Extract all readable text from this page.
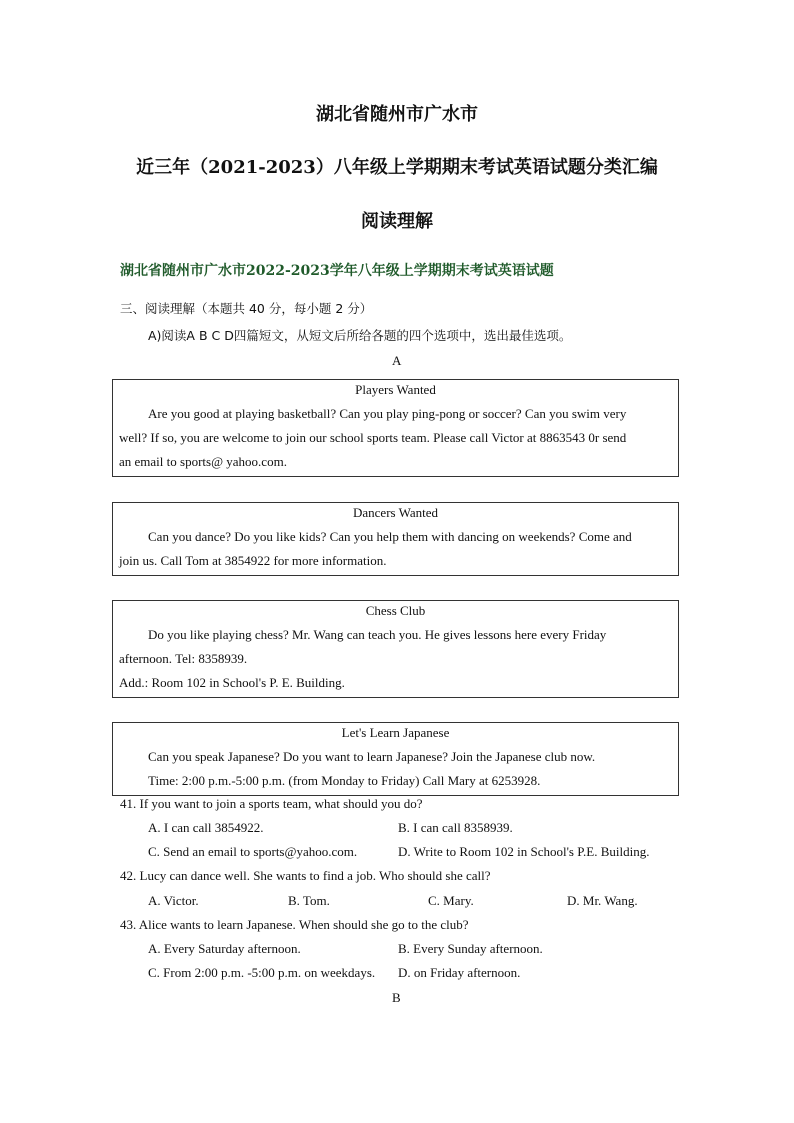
湖北省随州市广水市
近三年（2021-2023）八年级上学期期末考试英语试题分类汇编
阅读理解
湖北省随州市广水市2022-2023学年八年级上学期期末考试英语试题
三、阅读理解（本题共 40 分，每小题 2 分）
A)阅读A B C D四篇短文，从短文后所给各题的四个选项中，选出最佳选项。
A
Players Wanted
Are you good at playing basketball? Can you play ping-pong or soccer? Can you swim very
well? If so, you are welcome to join our school sports team. Please call Victor at 8863543 0r send
an email to sports@ yahoo.com.
Dancers Wanted
Can you dance? Do you like kids? Can you help them with dancing on weekends? Come and
join us. Call Tom at 3854922 for more information.
Chess Club
Do you like playing chess? Mr. Wang can teach you. He gives lessons here every Friday
afternoon. Tel: 8358939.
Add.: Room 102 in School's P. E. Building.
Let's Learn Japanese
Can you speak Japanese? Do you want to learn Japanese? Join the Japanese club now.
Time: 2:00 p.m.-5:00 p.m. (from Monday to Friday) Call Mary at 6253928.
41. If you want to join a sports team, what should you do?
A. I can call 3854922.	B. I can call 8358939.
C. Send an email to sports@yahoo.com.	D. Write to Room 102 in School's P.E. Building.
42. Lucy can dance well. She wants to find a job. Who should she call?
A. Victor.	B. Tom.	C. Mary.	D. Mr. Wang.
43. Alice wants to learn Japanese. When should she go to the club?
A. Every Saturday afternoon.	B. Every Sunday afternoon.
C. From 2:00 p.m. -5:00 p.m. on weekdays. D. on Friday afternoon.
B
